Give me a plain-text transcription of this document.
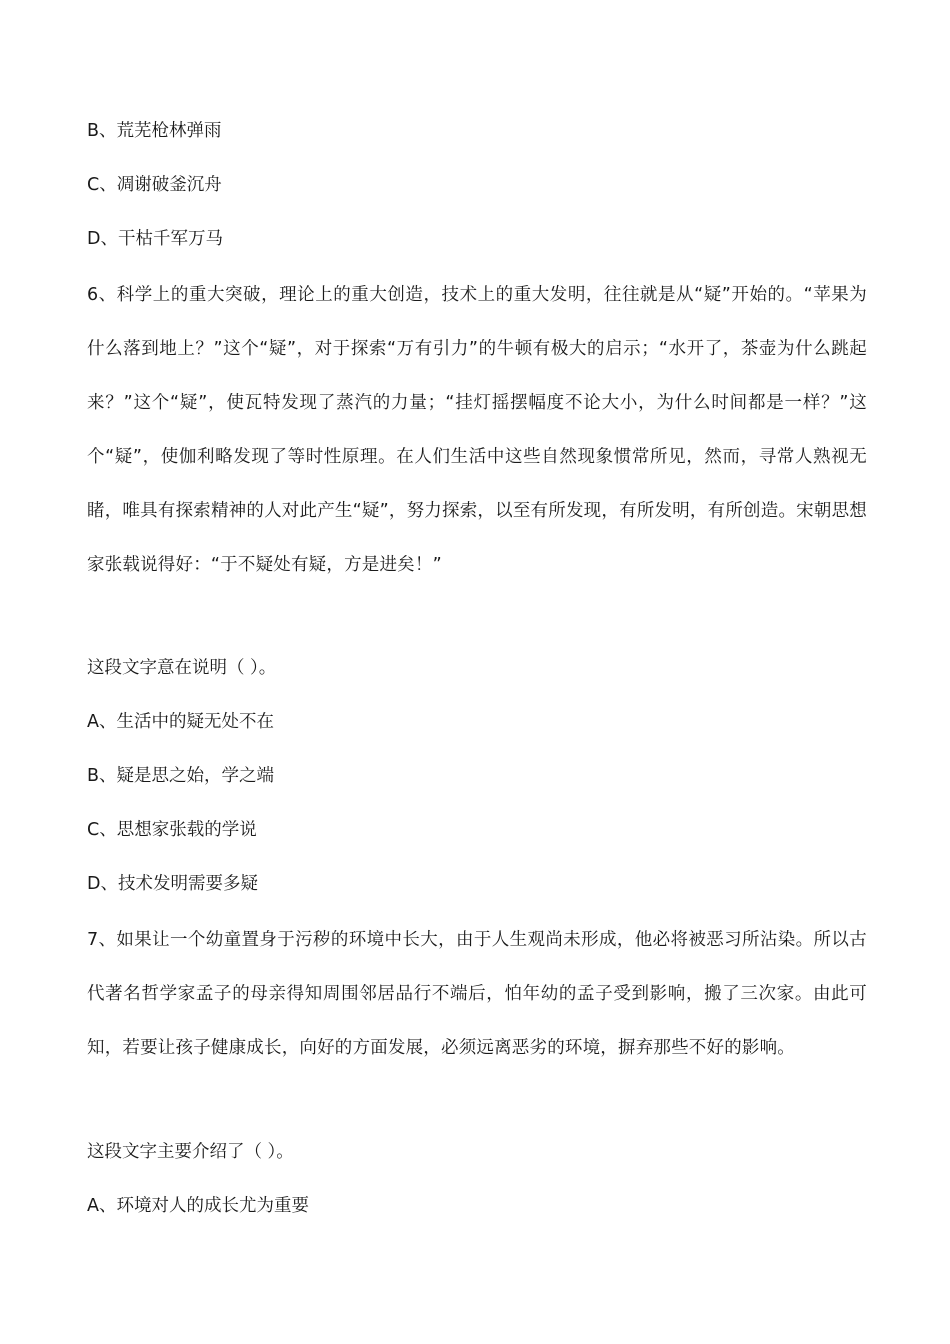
B、荒芜枪林弹雨
C、凋谢破釜沉舟
D、干枯千军万马
6、科学上的重大突破，理论上的重大创造，技术上的重大发明，往往就是从“疑”开始的。“苹果为什么落到地上？”这个“疑”，对于探索“万有引力”的牛顿有极大的启示；“水开了，茶壶为什么跳起来？”这个“疑”，使瓦特发现了蒸汽的力量；“挂灯摇摆幅度不论大小，为什么时间都是一样？”这个“疑”，使伽利略发现了等时性原理。在人们生活中这些自然现象惯常所见，然而，寻常人熟视无睹，唯具有探索精神的人对此产生“疑”，努力探索，以至有所发现，有所发明，有所创造。宋朝思想家张载说得好：“于不疑处有疑，方是进矣！”
这段文字意在说明（ ）。
A、生活中的疑无处不在
B、疑是思之始，学之端
C、思想家张载的学说
D、技术发明需要多疑
7、如果让一个幼童置身于污秽的环境中长大，由于人生观尚未形成，他必将被恶习所沾染。所以古代著名哲学家孟子的母亲得知周围邻居品行不端后，怕年幼的孟子受到影响，搬了三次家。由此可知，若要让孩子健康成长，向好的方面发展，必须远离恶劣的环境，摒弃那些不好的影响。
这段文字主要介绍了（ ）。
A、环境对人的成长尤为重要
